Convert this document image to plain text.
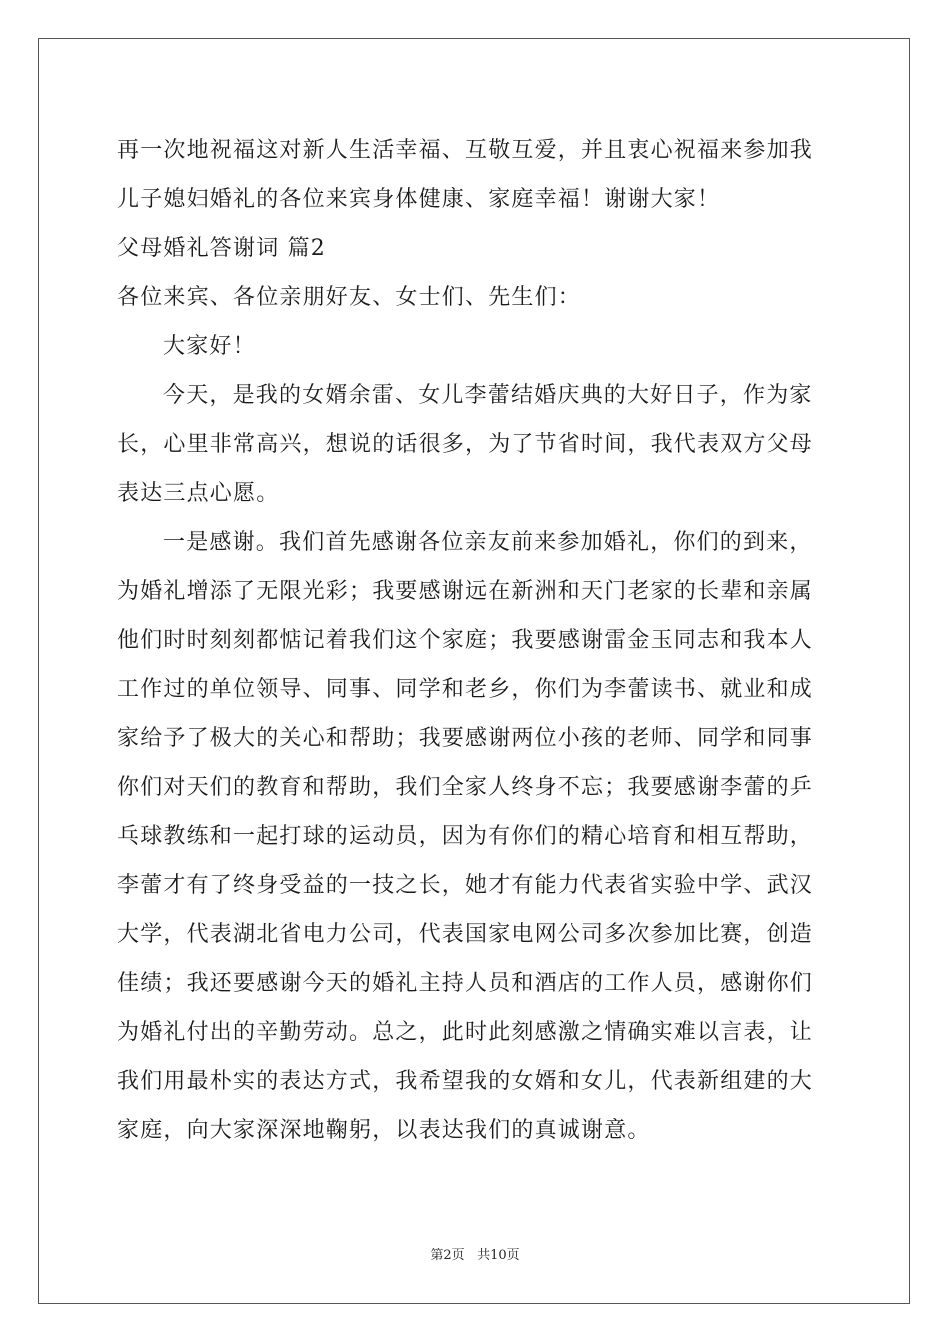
再一次地祝福这对新人生活幸福、互敬互爱，并且衷心祝福来参加我
儿子媳妇婚礼的各位来宾身体健康、家庭幸福！谢谢大家！
父母婚礼答谢词 篇2
各位来宾、各位亲朋好友、女士们、先生们：
大家好！
今天，是我的女婿余雷、女儿李蕾结婚庆典的大好日子，作为家
长，心里非常高兴，想说的话很多，为了节省时间，我代表双方父母
表达三点心愿。
一是感谢。我们首先感谢各位亲友前来参加婚礼，你们的到来，
为婚礼增添了无限光彩；我要感谢远在新洲和天门老家的长辈和亲属
他们时时刻刻都惦记着我们这个家庭；我要感谢雷金玉同志和我本人
工作过的单位领导、同事、同学和老乡，你们为李蕾读书、就业和成
家给予了极大的关心和帮助；我要感谢两位小孩的老师、同学和同事
你们对天们的教育和帮助，我们全家人终身不忘；我要感谢李蕾的乒
乓球教练和一起打球的运动员，因为有你们的精心培育和相互帮助，
李蕾才有了终身受益的一技之长，她才有能力代表省实验中学、武汉
大学，代表湖北省电力公司，代表国家电网公司多次参加比赛，创造
佳绩；我还要感谢今天的婚礼主持人员和酒店的工作人员，感谢你们
为婚礼付出的辛勤劳动。总之，此时此刻感激之情确实难以言表，让
我们用最朴实的表达方式，我希望我的女婿和女儿，代表新组建的大
家庭，向大家深深地鞠躬，以表达我们的真诚谢意。
第2页 共10页
